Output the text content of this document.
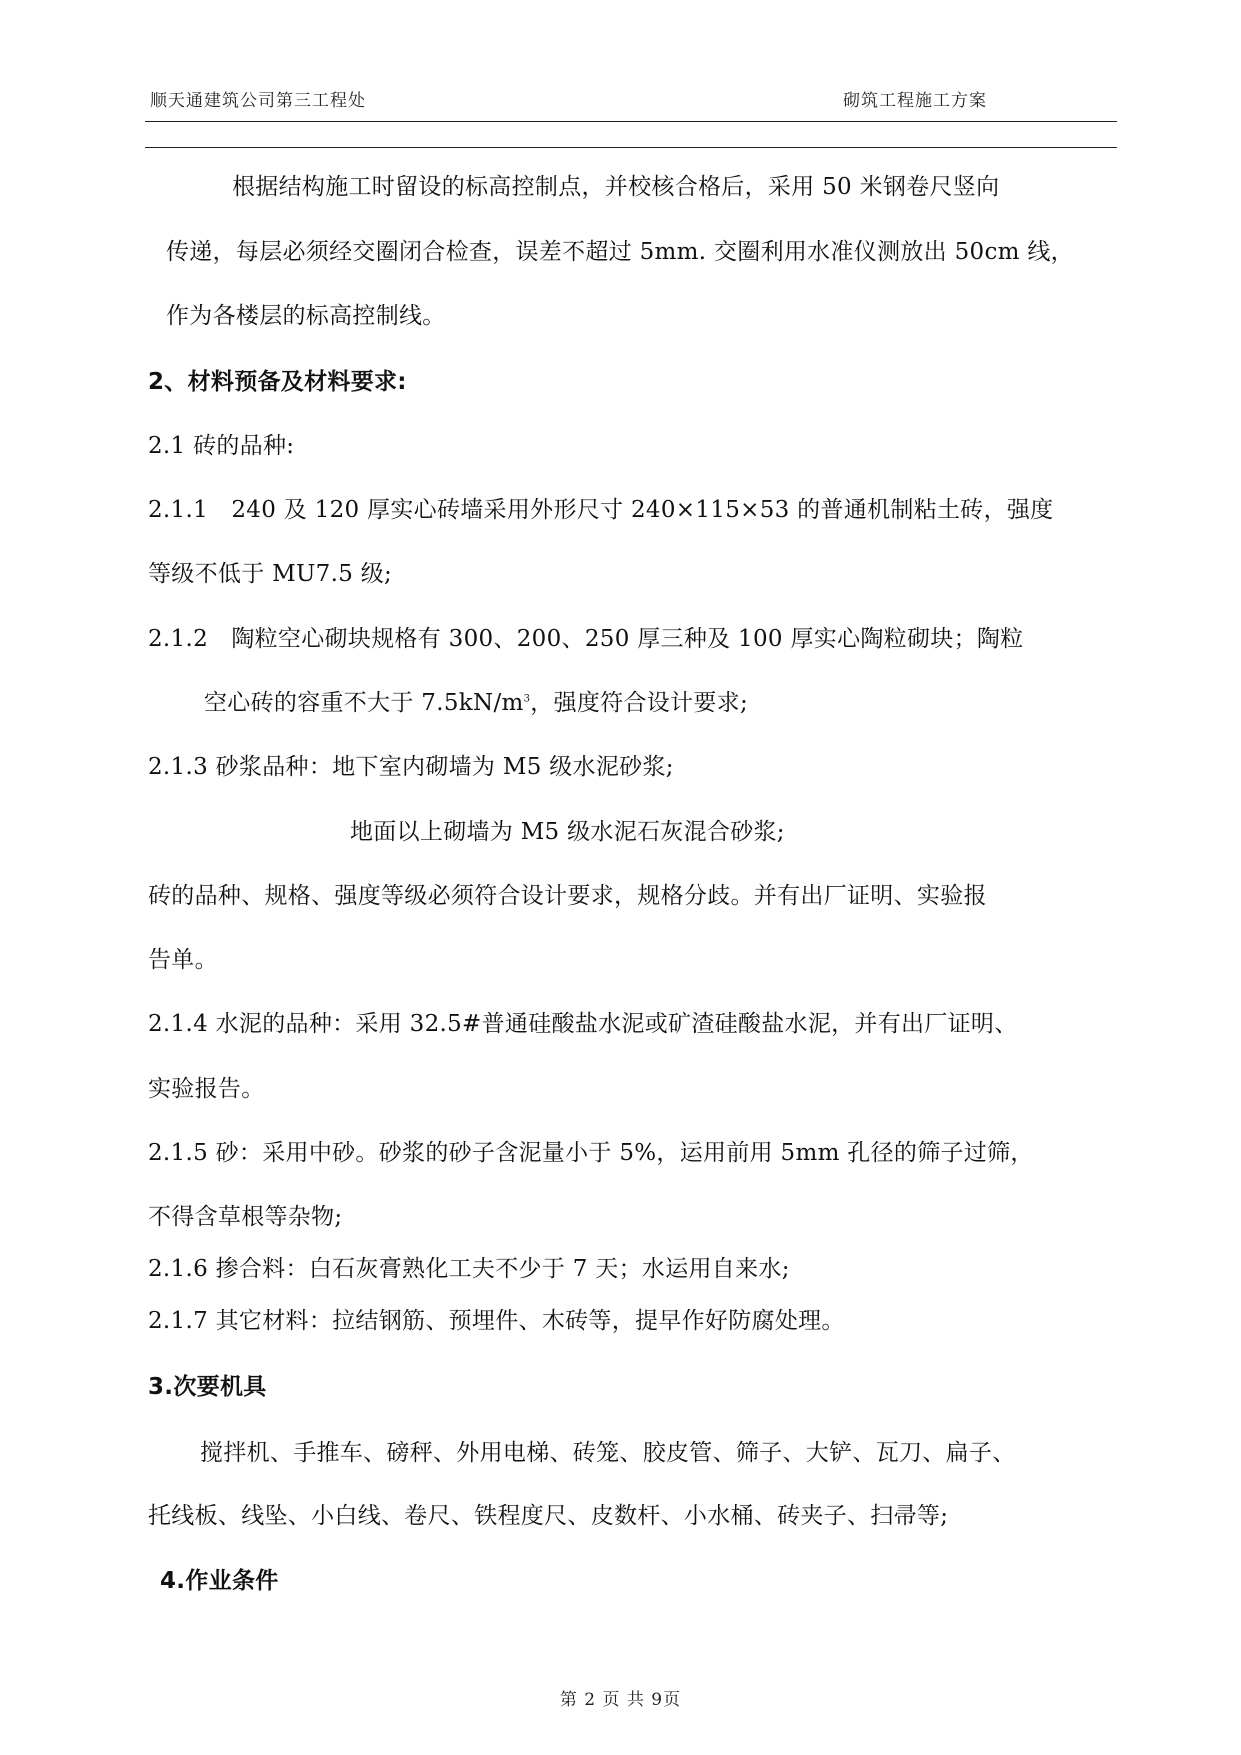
顺天通建筑公司第三工程处	砌筑工程施工方案
根据结构施工时留设的标高控制点，并校核合格后，采用 50 米钢卷尺竖向
传递，每层必须经交圈闭合检查，误差不超过 5mm. 交圈利用水准仪测放出 50cm 线，
作为各楼层的标高控制线。
2、材料预备及材料要求:
2.1 砖的品种:
2.1.1　240 及 120 厚实心砖墙采用外形尺寸 240×115×53 的普通机制粘土砖，强度
等级不低于 MU7.5 级;
2.1.2　陶粒空心砌块规格有 300、200、250 厚三种及 100 厚实心陶粒砌块；陶粒
空心砖的容重不大于 $7.5kN/m^3$，强度符合设计要求;
2.1.3 砂浆品种：地下室内砌墙为 M5 级水泥砂浆;
地面以上砌墙为 M5 级水泥石灰混合砂浆;
砖的品种、规格、强度等级必须符合设计要求，规格分歧。并有出厂证明、实验报
告单。
2.1.4 水泥的品种：采用 32.5#普通硅酸盐水泥或矿渣硅酸盐水泥，并有出厂证明、
实验报告。
2.1.5 砂：采用中砂。砂浆的砂子含泥量小于 5%，运用前用 5mm 孔径的筛子过筛，
不得含草根等杂物;
2.1.6 掺合料：白石灰膏熟化工夫不少于 7 天；水运用自来水;
2.1.7 其它材料：拉结钢筋、预埋件、木砖等，提早作好防腐处理。
3.次要机具
搅拌机、手推车、磅秤、外用电梯、砖笼、胶皮管、筛子、大铲、瓦刀、扁子、
托线板、线坠、小白线、卷尺、铁程度尺、皮数杆、小水桶、砖夹子、扫帚等;
4.作业条件
第 2 页 共 9页
